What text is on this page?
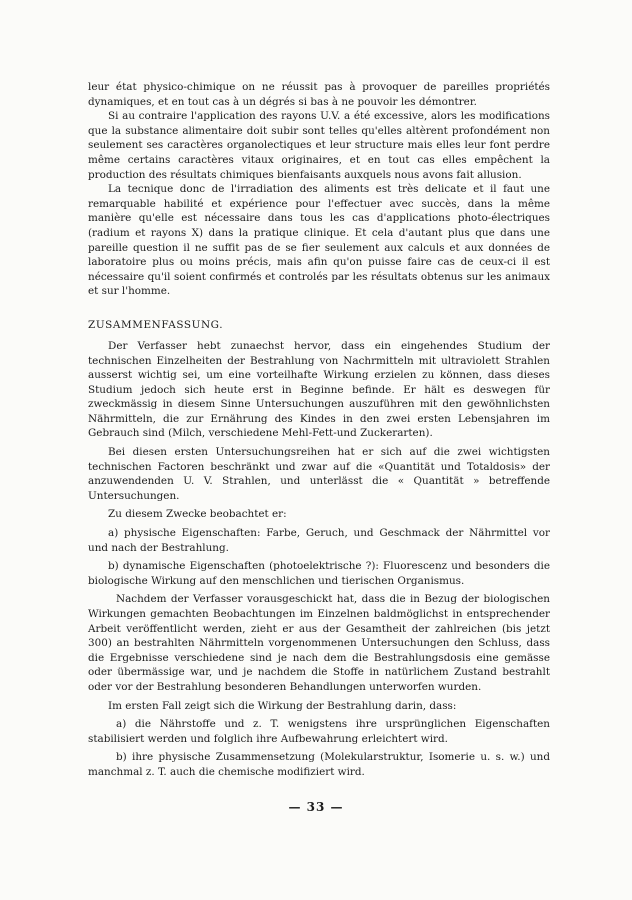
leur état physico-chimique on ne réussit pas à provoquer de pareilles propriétés dynamiques, et en tout cas à un dégrés si bas à ne pouvoir les démontrer.

Si au contraire l'application des rayons U.V. a été excessive, alors les modifications que la substance alimentaire doit subir sont telles qu'elles altèrent profondément non seulement ses caractères organolectiques et leur structure mais elles leur font perdre même certains caractères vitaux originaires, et en tout cas elles empêchent la production des résultats chimiques bienfaisants auxquels nous avons fait allusion.

La tecnique donc de l'irradiation des aliments est très delicate et il faut une remarquable habilité et expérience pour l'effectuer avec succès, dans la même manière qu'elle est nécessaire dans tous les cas d'applications photo-électriques (radium et rayons X) dans la pratique clinique. Et cela d'autant plus que dans une pareille question il ne suffit pas de se fier seulement aux calculs et aux données de laboratoire plus ou moins précis, mais afin qu'on puisse faire cas de ceux-ci il est nécessaire qu'il soient confirmés et controlés par les résultats obtenus sur les animaux et sur l'homme.

ZUSAMMENFASSUNG.

Der Verfasser hebt zunaechst hervor, dass ein eingehendes Studium der technischen Einzelheiten der Bestrahlung von Nachrmitteln mit ultraviolett Strahlen ausserst wichtig sei, um eine vorteilhafte Wirkung erzielen zu können, dass dieses Studium jedoch sich heute erst in Beginne befinde. Er hält es deswegen für zweckmässig in diesem Sinne Untersuchungen auszuführen mit den gewöhnlichsten Nährmitteln, die zur Ernährung des Kindes in den zwei ersten Lebensjahren im Gebrauch sind (Milch, verschiedene Mehl-Fett-und Zuckerarten).

Bei diesen ersten Untersuchungsreihen hat er sich auf die zwei wichtigsten technischen Factoren beschränkt und zwar auf die «Quantität und Totaldosis» der anzuwendenden U. V. Strahlen, und unterlässt die « Quantität » betreffende Untersuchungen.

Zu diesem Zwecke beobachtet er:

a) physische Eigenschaften: Farbe, Geruch, und Geschmack der Nährmittel vor und nach der Bestrahlung.

b) dynamische Eigenschaften (photoelektrische ?): Fluorescenz und besonders die biologische Wirkung auf den menschlichen und tierischen Organismus.

Nachdem der Verfasser vorausgeschickt hat, dass die in Bezug der biologischen Wirkungen gemachten Beobachtungen im Einzelnen baldmöglichst in entsprechender Arbeit veröffentlicht werden, zieht er aus der Gesamtheit der zahlreichen (bis jetzt 300) an bestrahlten Nährmitteln vorgenommenen Untersuchungen den Schluss, dass die Ergebnisse verschiedene sind je nach dem die Bestrahlungsdosis eine gemässe oder übermässige war, und je nachdem die Stoffe in natürlichem Zustand bestrahlt oder vor der Bestrahlung besonderen Behandlungen unterworfen wurden.

Im ersten Fall zeigt sich die Wirkung der Bestrahlung darin, dass:

a) die Nährstoffe und z. T. wenigstens ihre ursprünglichen Eigenschaften stabilisiert werden und folglich ihre Aufbewahrung erleichtert wird.

b) ihre physische Zusammensetzung (Molekularstruktur, Isomerie u. s. w.) und manchmal z. T. auch die chemische modifiziert wird.

— 33 —
